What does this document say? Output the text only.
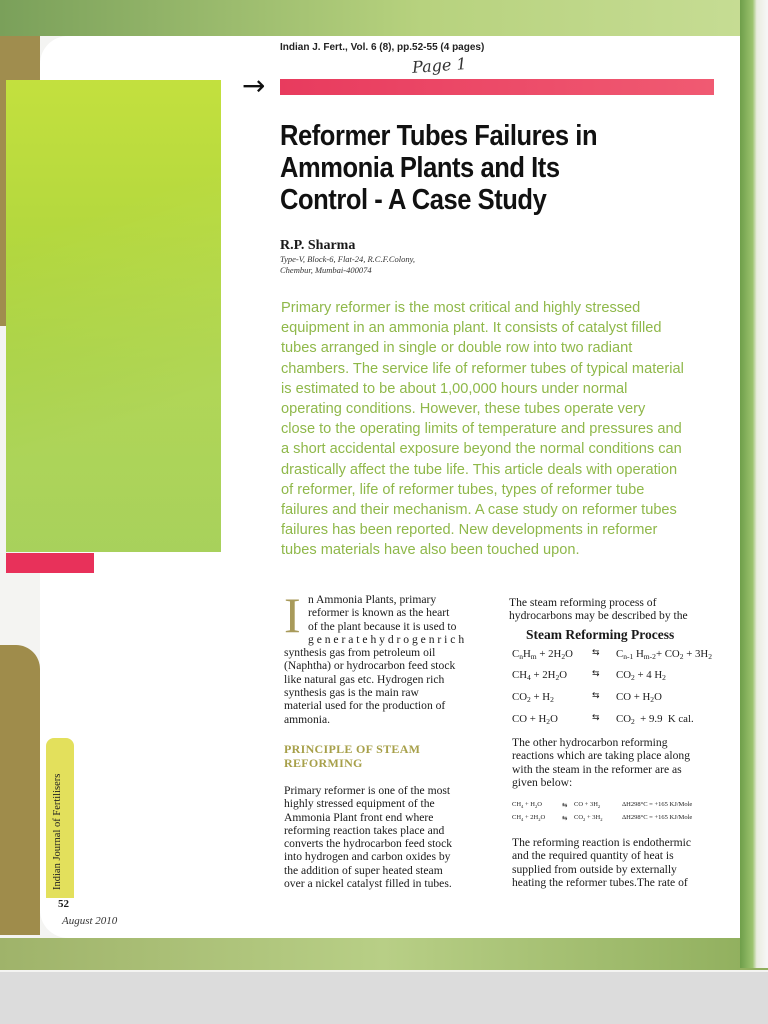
Indian J. Fert., Vol. 6 (8), pp.52-55 (4 pages)
Page 1
→
Reformer Tubes Failures in
Ammonia Plants and Its
Control - A Case Study
R.P. Sharma
Type-V, Block-6, Flat-24, R.C.F.Colony,
Chembur, Mumbai-400074

Primary reformer is the most critical and highly stressed
equipment in an ammonia plant. It consists of catalyst filled
tubes arranged in single or double row into two radiant
chambers. The service life of reformer tubes of typical material
is estimated to be about 1,00,000 hours under normal
operating conditions. However, these tubes operate very
close to the operating limits of temperature and pressures and
a short accidental exposure beyond the normal conditions can
drastically affect the tube life. This article deals with operation
of reformer, life of reformer tubes, types of reformer tube
failures and their mechanism. A case study on reformer tubes
failures has been reported. New developments in reformer
tubes materials have also been touched upon.

I n Ammonia Plants, primary
reformer is known as the heart
of the plant because it is used to
g e n e r a t e h y d r o g e n r i c h
synthesis gas from petroleum oil
(Naphtha) or hydrocarbon feed stock
like natural gas etc. Hydrogen rich
synthesis gas is the main raw
material used for the production of
ammonia.
PRINCIPLE OF STEAM
REFORMING
Primary reformer is one of the most
highly stressed equipment of the
Ammonia Plant front end where
reforming reaction takes place and
converts the hydrocarbon feed stock
into hydrogen and carbon oxides by
the addition of super heated steam
over a nickel catalyst filled in tubes.
The steam reforming process of
hydrocarbons may be described by the
Steam Reforming Process
$C_nH_m + 2H_2O$ ⇆ $C_{n-1}$ $H_{m-2}+ CO_2 + 3H_2$
$CH_4 + 2H_2O$	⇆ $CO_2 + 4$ $H_2$
$CO_2 + H_2$	⇆ CO + $H_2O$
CO + $H_2O$	⇆ $CO_2 + 9.9$  K cal.
The other hydrocarbon reforming
reactions which are taking place along
with the steam in the reformer are as
given below:
$CH_4 + H_2O$	⇆ CO + $3H_2$	ΔH298°C = +165 KJ/Mole
$CH_4 + 2H_2O$	⇆ $CO_2 + 3H_2$	ΔH298°C = +165 KJ/Mole
The reforming reaction is endothermic
and the required quantity of heat is
supplied from outside by externally
heating the reformer tubes.The rate of
Indian Journal of Fertilisers
52
August 2010
